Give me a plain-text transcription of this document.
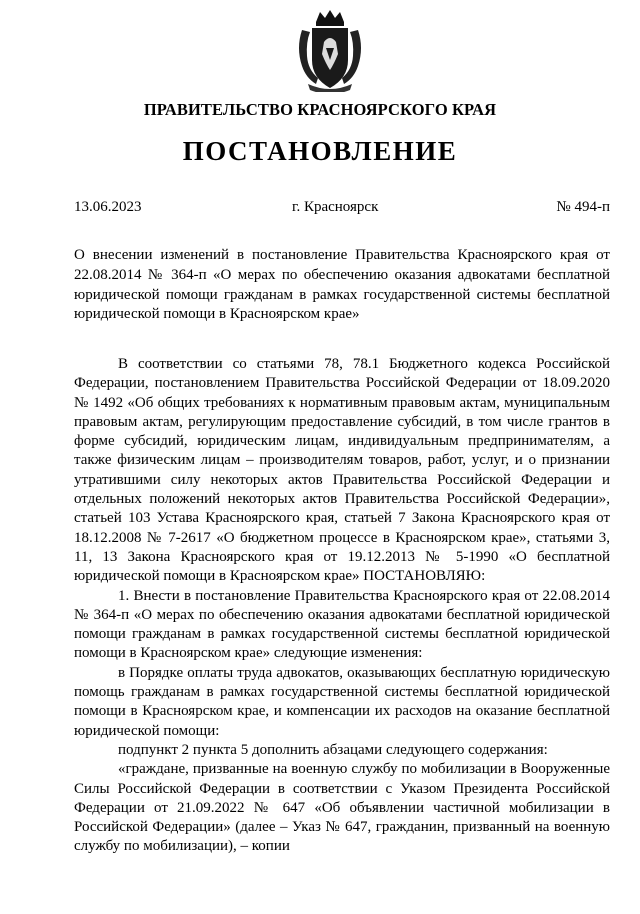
ПРАВИТЕЛЬСТВО КРАСНОЯРСКОГО КРАЯ
ПОСТАНОВЛЕНИЕ
13.06.2023	г. Красноярск	№ 494-п
О внесении изменений в постановление Правительства Красноярского края от 22.08.2014 № 364-п «О мерах по обеспечению оказания адвокатами бесплатной юридической помощи гражданам в рамках государственной системы бесплатной юридической помощи в Красноярском крае»

В соответствии со статьями 78, 78.1 Бюджетного кодекса Российской Федерации, постановлением Правительства Российской Федерации от 18.09.2020 № 1492 «Об общих требованиях к нормативным правовым актам, муниципальным правовым актам, регулирующим предоставление субсидий, в том числе грантов в форме субсидий, юридическим лицам, индивидуальным предпринимателям, а также физическим лицам – производителям товаров, работ, услуг, и о признании утратившими силу некоторых актов Правительства Российской Федерации и отдельных положений некоторых актов Правительства Российской Федерации», статьей 103 Устава Красноярского края, статьей 7 Закона Красноярского края от 18.12.2008 № 7-2617 «О бюджетном процессе в Красноярском крае», статьями 3, 11, 13 Закона Красноярского края от 19.12.2013 № 5-1990 «О бесплатной юридической помощи в Красноярском крае» ПОСТАНОВЛЯЮ:

1. Внести в постановление Правительства Красноярского края от 22.08.2014 № 364-п «О мерах по обеспечению оказания адвокатами бесплатной юридической помощи гражданам в рамках государственной системы бесплатной юридической помощи в Красноярском крае» следующие изменения:

в Порядке оплаты труда адвокатов, оказывающих бесплатную юридическую помощь гражданам в рамках государственной системы бесплатной юридической помощи в Красноярском крае, и компенсации их расходов на оказание бесплатной юридической помощи:

подпункт 2 пункта 5 дополнить абзацами следующего содержания:

«граждане, призванные на военную службу по мобилизации в Вооруженные Силы Российской Федерации в соответствии с Указом Президента Российской Федерации от 21.09.2022 № 647 «Об объявлении частичной мобилизации в Российской Федерации» (далее – Указ № 647, гражданин, призванный на военную службу по мобилизации), – копии
